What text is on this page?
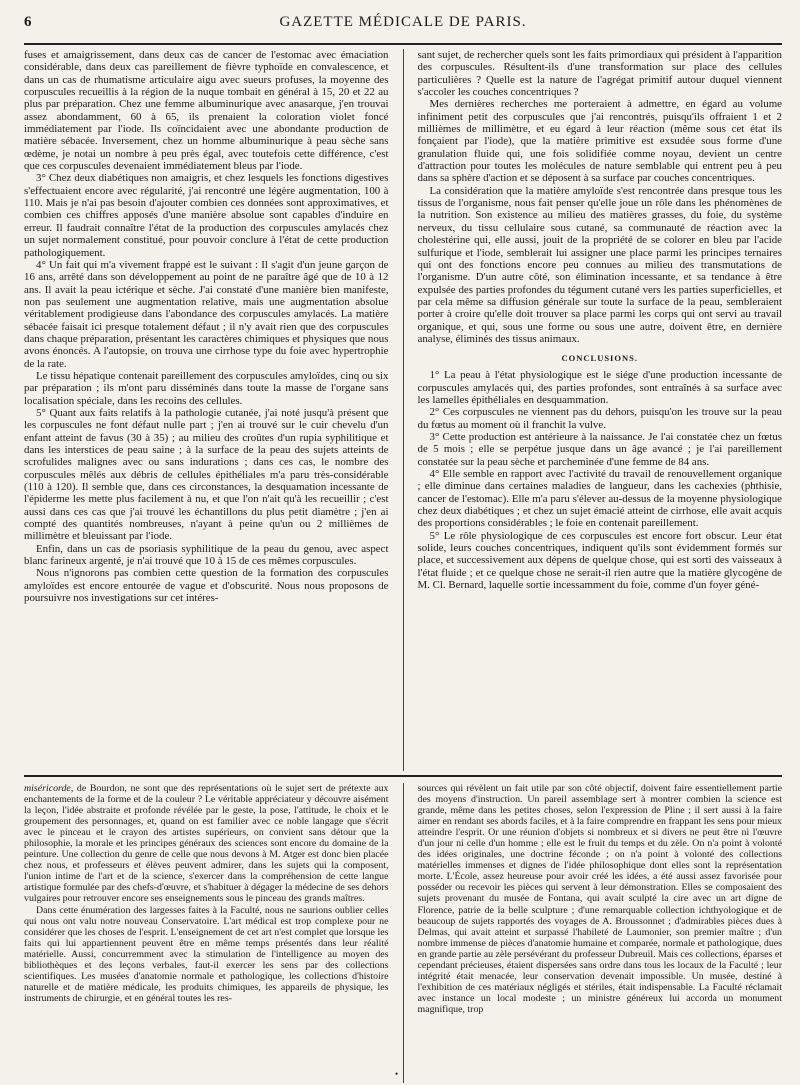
6	GAZETTE MÉDICALE DE PARIS.

fuses et amaigrissement, dans deux cas de cancer de l'estomac avec émaciation considérable, dans deux cas pareillement de fièvre typhoïde en convalescence, et dans un cas de rhumatisme articulaire aigu avec sueurs profuses, la moyenne des corpuscules recueillis à la région de la nuque tombait en général à 15, 20 et 22 au plus par préparation. Chez une femme albuminurique avec anasarque, j'en trouvai assez abondamment, 60 à 65, ils prenaient la coloration violet foncé immédiatement par l'iode. Ils coïncidaient avec une abondante production de matière sébacée. Inversement, chez un homme albuminurique à peau sèche sans œdème, je notai un nombre à peu près égal, avec toutefois cette différence, c'est que ces corpuscules devenaient immédiatement bleus par l'iode.

3° Chez deux diabétiques non amaigris, et chez lesquels les fonctions digestives s'effectuaient encore avec régularité, j'ai rencontré une légère augmentation, 100 à 110. Mais je n'ai pas besoin d'ajouter combien ces données sont approximatives, et combien ces chiffres apposés d'une manière absolue sont capables d'induire en erreur. Il faudrait connaître l'état de la production des corpuscules amylacés chez un sujet normalement constitué, pour pouvoir conclure à l'état de cette production pathologiquement.

4° Un fait qui m'a vivement frappé est le suivant : Il s'agit d'un jeune garçon de 16 ans, arrêté dans son développement au point de ne paraître âgé que de 10 à 12 ans. Il avait la peau ictérique et sèche. J'ai constaté d'une manière bien manifeste, non pas seulement une augmentation relative, mais une augmentation absolue véritablement prodigieuse dans l'abondance des corpuscules amylacés. La matière sébacée faisait ici presque totalement défaut ; il n'y avait rien que des corpuscules dans chaque préparation, présentant les caractères chimiques et physiques que nous avons énoncés. A l'autopsie, on trouva une cirrhose type du foie avec hypertrophie de la rate.

Le tissu hépatique contenait pareillement des corpuscules amyloïdes, cinq ou six par préparation ; ils m'ont paru disséminés dans toute la masse de l'organe sans localisation spéciale, dans les recoins des cellules.

5° Quant aux faits relatifs à la pathologie cutanée, j'ai noté jusqu'à présent que les corpuscules ne font défaut nulle part ; j'en ai trouvé sur le cuir chevelu d'un enfant atteint de favus (30 à 35) ; au milieu des croûtes d'un rupia syphilitique et dans les interstices de peau saine ; à la surface de la peau des sujets atteints de scrofulides malignes avec ou sans indurations ; dans ces cas, le nombre des corpuscules mêlés aux débris de cellules épithéliales m'a paru très-considérable (110 à 120). Il semble que, dans ces circonstances, la desquamation incessante de l'épiderme les mette plus facilement à nu, et que l'on n'ait qu'à les recueillir ; c'est aussi dans ces cas que j'ai trouvé les échantillons du plus petit diamètre ; j'en ai compté des quantités nombreuses, n'ayant à peine qu'un ou 2 millièmes de millimètre et bleuissant par l'iode.

Enfin, dans un cas de psoriasis syphilitique de la peau du genou, avec aspect blanc farineux argenté, je n'ai trouvé que 10 à 15 de ces mêmes corpuscules.

Nous n'ignorons pas combien cette question de la formation des corpuscules amyloïdes est encore entourée de vague et d'obscurité. Nous nous proposons de poursuivre nos investigations sur cet intéres-

sant sujet, de rechercher quels sont les faits primordiaux qui président à l'apparition des corpuscules. Résultent-ils d'une transformation sur place des cellules particulières ? Quelle est la nature de l'agrégat primitif autour duquel viennent s'accoler les couches concentriques ?

Mes dernières recherches me porteraient à admettre, en égard au volume infiniment petit des corpuscules que j'ai rencontrés, puisqu'ils offraient 1 et 2 millièmes de millimètre, et eu égard à leur réaction (même sous cet état ils fonçaient par l'iode), que la matière primitive est exsudée sous forme d'une granulation fluide qui, une fois solidifiée comme noyau, devient un centre d'attraction pour toutes les molécules de nature semblable qui entrent peu à peu dans sa sphère d'action et se déposent à sa surface par couches concentriques.

La considération que la matière amyloïde s'est rencontrée dans presque tous les tissus de l'organisme, nous fait penser qu'elle joue un rôle dans les phénomènes de la nutrition. Son existence au milieu des matières grasses, du foie, du système nerveux, du tissu cellulaire sous cutané, sa communauté de réaction avec la cholestérine qui, elle aussi, jouit de la propriété de se colorer en bleu par l'acide sulfurique et l'iode, semblerait lui assigner une place parmi les principes ternaires qui ont des fonctions encore peu connues au milieu des transmutations de l'organisme. D'un autre côté, son élimination incessante, et sa tendance à être expulsée des parties profondes du tégument cutané vers les parties superficielles, et par cela même sa diffusion générale sur toute la surface de la peau, sembleraient porter à croire qu'elle doit trouver sa place parmi les corps qui ont servi au travail organique, et qui, sous une forme ou sous une autre, doivent être, en dernière analyse, éliminés des tissus animaux.

CONCLUSIONS.

1° La peau à l'état physiologique est le siége d'une production incessante de corpuscules amylacés qui, des parties profondes, sont entraînés à sa surface avec les lamelles épithéliales en desquammation.

2° Ces corpuscules ne viennent pas du dehors, puisqu'on les trouve sur la peau du fœtus au moment où il franchit la vulve.

3° Cette production est antérieure à la naissance. Je l'ai constatée chez un fœtus de 5 mois ; elle se perpétue jusque dans un âge avancé ; je l'ai pareillement constatée sur la peau sèche et parcheminée d'une femme de 84 ans.

4° Elle semble en rapport avec l'activité du travail de renouvellement organique ; elle diminue dans certaines maladies de langueur, dans les cachexies (phthisie, cancer de l'estomac). Elle m'a paru s'élever au-dessus de la moyenne physiologique chez deux diabétiques ; et chez un sujet émacié atteint de cirrhose, elle avait acquis des proportions considérables ; le foie en contenait pareillement.

5° Le rôle physiologique de ces corpuscules est encore fort obscur. Leur état solide, leurs couches concentriques, indiquent qu'ils sont évidemment formés sur place, et successivement aux dépens de quelque chose, qui est sorti des vaisseaux à l'état fluide ; et ce quelque chose ne serait-il rien autre que la matière glycogène de M. Cl. Bernard, laquelle sortie incessamment du foie, comme d'un foyer géné-

miséricorde, de Bourdon, ne sont que des représentations où le sujet sert de prétexte aux enchantements de la forme et de la couleur ? Le véritable appréciateur y découvre aisément la leçon, l'idée abstraite et profonde révélée par le geste, la pose, l'attitude, le choix et le groupement des personnages, et, quand on est familier avec ce noble langage que s'écrit avec le pinceau et le crayon des artistes supérieurs, on convient sans détour que la philosophie, la morale et les principes généraux des sciences sont encore du domaine de la peinture. Une collection du genre de celle que nous devons à M. Atger est donc bien placée chez nous, et professeurs et élèves peuvent admirer, dans les sujets qui la composent, l'union intime de l'art et de la science, s'exercer dans la compréhension de cette langue artistique formulée par des chefs-d'œuvre, et s'habituer à dégager la médecine de ses dehors vulgaires pour retrouver encore ses enseignements sous le pinceau des grands maîtres.

Dans cette énumération des largesses faites à la Faculté, nous ne saurions oublier celles qui nous ont valu notre nouveau Conservatoire. L'art médical est trop complexe pour ne considérer que les choses de l'esprit. L'enseignement de cet art n'est complet que lorsque les faits qui lui appartiennent peuvent être en même temps présentés dans leur réalité matérielle. Aussi, concurremment avec la stimulation de l'intelligence au moyen des bibliothèques et des leçons verbales, faut-il exercer les sens par des collections scientifiques. Les musées d'anatomie normale et pathologique, les collections d'histoire naturelle et de matière médicale, les produits chimiques, les appareils de physique, les instruments de chirurgie, et en général toutes les res-

sources qui révèlent un fait utile par son côté objectif, doivent faire essentiellement partie des moyens d'instruction. Un pareil assemblage sert à montrer combien la science est grande, même dans les petites choses, selon l'expression de Pline ; il sert aussi à la faire aimer en rendant ses abords faciles, et à la faire comprendre en frappant les sens pour mieux atteindre l'esprit. Or une réunion d'objets si nombreux et si divers ne peut être ni l'œuvre d'un jour ni celle d'un homme ; elle est le fruit du temps et du zèle. On n'a point à volonté des idées originales, une doctrine féconde ; on n'a point à volonté des collections matérielles immenses et dignes de l'idée philosophique dont elles sont la représentation morte. L'École, assez heureuse pour avoir créé les idées, a été aussi assez favorisée pour posséder ou recevoir les pièces qui servent à leur démonstration. Elles se composaient des sujets provenant du musée de Fontana, qui avait sculpté la cire avec un art digne de Florence, patrie de la belle sculpture ; d'une remarquable collection ichthyologique et de beaucoup de sujets rapportés des voyages de A. Broussonnet ; d'admirables pièces dues à Delmas, qui avait atteint et surpassé l'habileté de Laumonier, son premier maître ; d'un nombre immense de pièces d'anatomie humaine et comparée, normale et pathologique, dues en grande partie au zèle persévérant du professeur Dubreuil. Mais ces collections, éparses et cependant précieuses, étaient dispersées sans ordre dans tous les locaux de la Faculté ; leur intégrité était menacée, leur conservation devenait impossible. Un musée, destiné à l'exhibition de ces matériaux négligés et stériles, était indispensable. La Faculté réclamait avec instance un local modeste ; un ministre généreux lui accorda un monument magnifique, trop

•
